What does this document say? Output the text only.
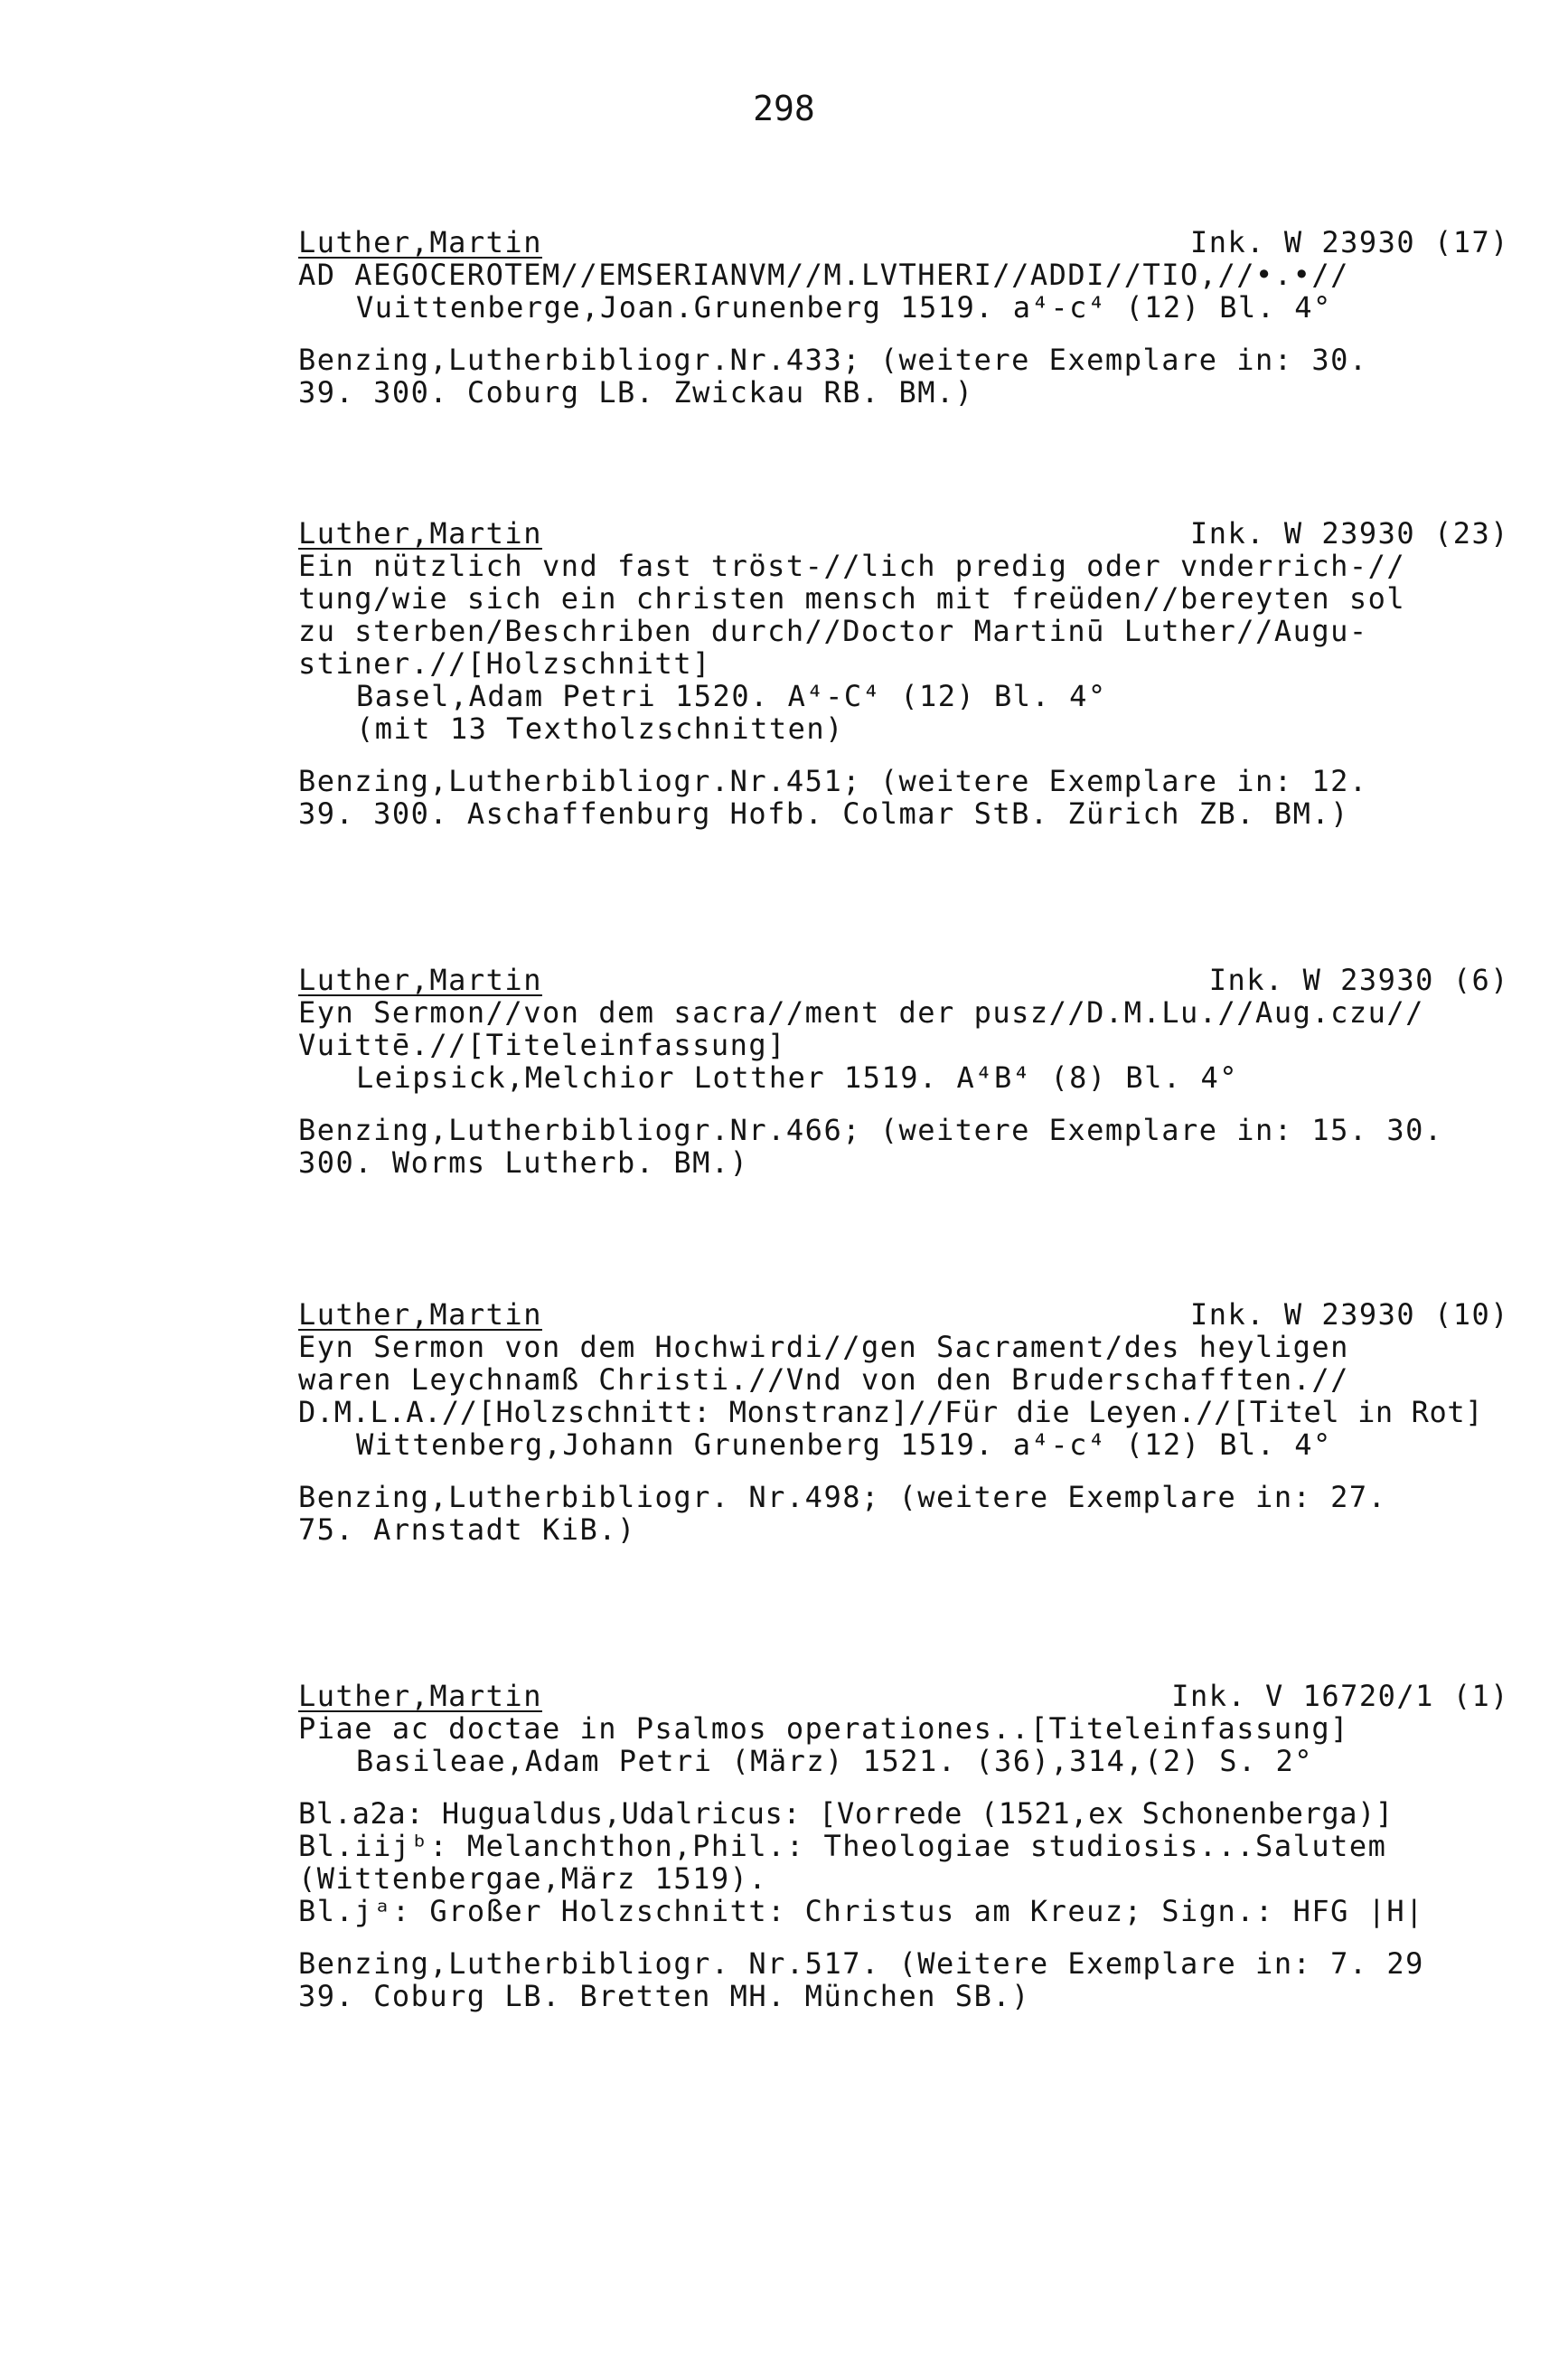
298
Luther,Martin	Ink. W 23930 (17)
AD AEGOCEROTEM//EMSERIANVM//M.LVTHERI//ADDI//TIO,//•.•//
Vuittenberge,Joan.Grunenberg 1519. a⁴-c⁴ (12) Bl. 4°
Benzing,Lutherbibliogr.Nr.433; (weitere Exemplare in: 30.
39. 300. Coburg LB. Zwickau RB. BM.)
Luther,Martin	Ink. W 23930 (23)
Ein nützlich vnd fast tröst-//lich predig oder vnderrich-//
tung/wie sich ein christen mensch mit freüden//bereyten sol
zu sterben/Beschriben durch//Doctor Martinū Luther//Augu-
stiner.//[Holzschnitt]
Basel,Adam Petri 1520. A⁴-C⁴ (12) Bl. 4°
(mit 13 Textholzschnitten)
Benzing,Lutherbibliogr.Nr.451; (weitere Exemplare in: 12.
39. 300. Aschaffenburg Hofb. Colmar StB. Zürich ZB. BM.)
Luther,Martin	Ink. W 23930 (6)
Eyn Sermon//von dem sacra//ment der pusz//D.M.Lu.//Aug.czu//
Vuittē.//[Titeleinfassung]
Leipsick,Melchior Lotther 1519. A⁴B⁴ (8) Bl. 4°
Benzing,Lutherbibliogr.Nr.466; (weitere Exemplare in: 15. 30.
300. Worms Lutherb. BM.)
Luther,Martin	Ink. W 23930 (10)
Eyn Sermon von dem Hochwirdi//gen Sacrament/des heyligen
waren Leychnamß Christi.//Vnd von den Bruderschafften.//
D.M.L.A.//[Holzschnitt: Monstranz]//Für die Leyen.//[Titel in Rot]
Wittenberg,Johann Grunenberg 1519. a⁴-c⁴ (12) Bl. 4°
Benzing,Lutherbibliogr. Nr.498; (weitere Exemplare in: 27.
75. Arnstadt KiB.)
Luther,Martin	Ink. V 16720/1 (1)
Piae ac doctae in Psalmos operationes..[Titeleinfassung]
Basileae,Adam Petri (März) 1521. (36),314,(2) S. 2°
Bl.a2a: Hugualdus,Udalricus: [Vorrede (1521,ex Schonenberga)]
Bl.iijᵇ: Melanchthon,Phil.: Theologiae studiosis...Salutem
(Wittenbergae,März 1519).
Bl.jᵃ: Großer Holzschnitt: Christus am Kreuz; Sign.: HFG |H|
Benzing,Lutherbibliogr. Nr.517. (Weitere Exemplare in: 7. 29
39. Coburg LB. Bretten MH. München SB.)
